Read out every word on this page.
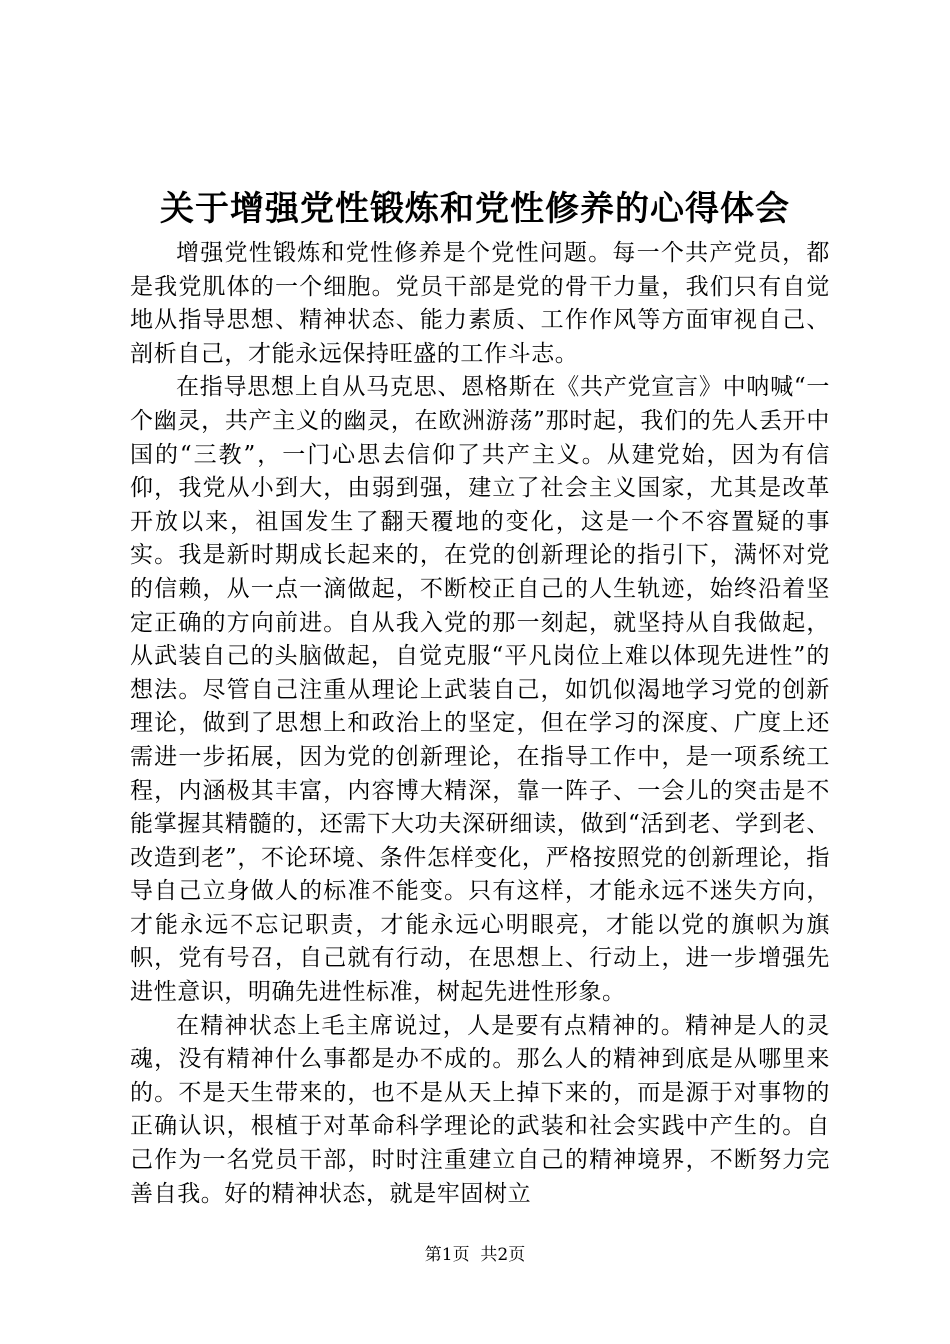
关于增强党性锻炼和党性修养的心得体会

增强党性锻炼和党性修养是个党性问题。每一个共产党员，都是我党肌体的一个细胞。党员干部是党的骨干力量，我们只有自觉地从指导思想、精神状态、能力素质、工作作风等方面审视自己、剖析自己，才能永远保持旺盛的工作斗志。

在指导思想上自从马克思、恩格斯在《共产党宣言》中呐喊“一个幽灵，共产主义的幽灵，在欧洲游荡”那时起，我们的先人丢开中国的“三教”，一门心思去信仰了共产主义。从建党始，因为有信仰，我党从小到大，由弱到强，建立了社会主义国家，尤其是改革开放以来，祖国发生了翻天覆地的变化，这是一个不容置疑的事实。我是新时期成长起来的，在党的创新理论的指引下，满怀对党的信赖，从一点一滴做起，不断校正自己的人生轨迹，始终沿着坚定正确的方向前进。自从我入党的那一刻起，就坚持从自我做起，从武装自己的头脑做起，自觉克服“平凡岗位上难以体现先进性”的想法。尽管自己注重从理论上武装自己，如饥似渴地学习党的创新理论，做到了思想上和政治上的坚定，但在学习的深度、广度上还需进一步拓展，因为党的创新理论，在指导工作中，是一项系统工程，内涵极其丰富，内容博大精深，靠一阵子、一会儿的突击是不能掌握其精髓的，还需下大功夫深研细读，做到“活到老、学到老、改造到老”，不论环境、条件怎样变化，严格按照党的创新理论，指导自己立身做人的标准不能变。只有这样，才能永远不迷失方向，才能永远不忘记职责，才能永远心明眼亮，才能以党的旗帜为旗帜，党有号召，自己就有行动，在思想上、行动上，进一步增强先进性意识，明确先进性标准，树起先进性形象。

在精神状态上毛主席说过，人是要有点精神的。精神是人的灵魂，没有精神什么事都是办不成的。那么人的精神到底是从哪里来的。不是天生带来的，也不是从天上掉下来的，而是源于对事物的正确认识，根植于对革命科学理论的武装和社会实践中产生的。自己作为一名党员干部，时时注重建立自己的精神境界，不断努力完善自我。好的精神状态，就是牢固树立

第1页  共2页
